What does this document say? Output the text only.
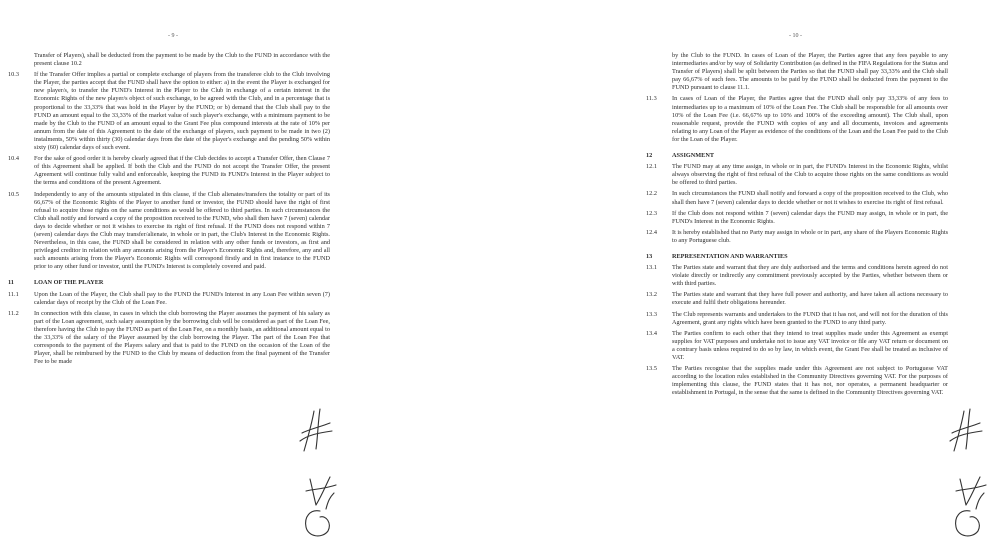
- 9 -
Transfer of Players), shall be deducted from the payment to be made by the Club to the FUND in accordance with the present clause 10.2
10.3	If the Transfer Offer implies a partial or complete exchange of players from the transferee club to the Club involving the Player, the parties accept that the FUND shall have the option to either: a) in the event the Player is exchanged for new player/s, to transfer the FUND's Interest in the Player to the Club in exchange of a certain interest in the Economic Rights of the new player/s object of such exchange, to be agreed with the Club, and in a percentage that is proportional to the 33,33% that was hold in the Player by the FUND; or b) demand that the Club shall pay to the FUND an amount equal to the 33,33% of the market value of such player's exchange, with a minimum payment to be made by the Club to the FUND of an amount equal to the Grant Fee plus compound interests at the rate of 10% per annum from the date of this Agreement to the date of the exchange of players, such payment to be made in two (2) instalments, 50% within thirty (30) calendar days from the date of the player's exchange and the pending 50% within sixty (60) calendar days of such event.
10.4	For the sake of good order it is hereby clearly agreed that if the Club decides to accept a Transfer Offer, then Clause 7 of this Agreement shall be applied. If both the Club and the FUND do not accept the Transfer Offer, the present Agreement will continue fully valid and enforceable, keeping the FUND its FUND's Interest in the Player subject to the terms and conditions of the present Agreement.
10.5	Independently to any of the amounts stipulated in this clause, if the Club alienates/transfers the totality or part of its 66,67% of the Economic Rights of the Player to another fund or investor, the FUND should have the right of first refusal to acquire those rights on the same conditions as would be offered to third parties. In such circumstances the Club shall notify and forward a copy of the proposition received to the FUND, who shall then have 7 (seven) calendar days to decide whether or not it wishes to exercise its right of first refusal. If the FUND does not respond within 7 (seven) calendar days the Club may transfer/alienate, in whole or in part, the Club's Interest in the Economic Rights. Nevertheless, in this case, the FUND shall be considered in relation with any other funds or investors, as first and privileged creditor in relation with any amounts arising from the Player's Economic Rights and, therefore, any and all such amounts arising from the Player's Economic Rights will correspond firstly and in first instance to the FUND prior to any other fund or investor, until the FUND's Interest is completely covered and paid.
11	LOAN OF THE PLAYER
11.1	Upon the Loan of the Player, the Club shall pay to the FUND the FUND's Interest in any Loan Fee within seven (7) calendar days of receipt by the Club of the Loan Fee.
11.2	In connection with this clause, in cases in which the club borrowing the Player assumes the payment of his salary as part of the Loan agreement, such salary assumption by the borrowing club will be considered as part of the Loan Fee, therefore having the Club to pay the FUND as part of the Loan Fee, on a monthly basis, an additional amount equal to the 33,33% of the salary of the Player assumed by the club borrowing the Player. The part of the Loan Fee that corresponds to the payment of the Players salary and that is paid to the FUND on the occasion of the Loan of the Player, shall be reimbursed by the FUND to the Club by means of deduction from the final payment of the Transfer Fee to be made
- 10 -
by the Club to the FUND. In cases of Loan of the Player, the Parties agree that any fees payable to any intermediaries and/or by way of Solidarity Contribution (as defined in the FIFA Regulations for the Status and Transfer of Players) shall be split between the Parties so that the FUND shall pay 33,33% and the Club shall pay 66,67% of such fees. The amounts to be paid by the FUND shall be deducted from the payment to the FUND pursuant to clause 11.1.
11.3	In cases of Loan of the Player, the Parties agree that the FUND shall only pay 33,33% of any fees to intermediaries up to a maximum of 10% of the Loan Fee. The Club shall be responsible for all amounts over 10% of the Loan Fee (i.e. 66,67% up to 10% and 100% of the exceeding amount). The Club shall, upon reasonable request, provide the FUND with copies of any and all documents, invoices and agreements relating to any Loan of the Player as evidence of the conditions of the Loan and the Loan Fee paid to the Club for the Loan of the Player.
12	ASSIGNMENT
12.1	The FUND may at any time assign, in whole or in part, the FUND's Interest in the Economic Rights, whilst always observing the right of first refusal of the Club to acquire those rights on the same conditions as would be offered to third parties.
12.2	In such circumstances the FUND shall notify and forward a copy of the proposition received to the Club, who shall then have 7 (seven) calendar days to decide whether or not it wishes to exercise its right of first refusal.
12.3	If the Club does not respond within 7 (seven) calendar days the FUND may assign, in whole or in part, the FUND's Interest in the Economic Rights.
12.4	It is hereby established that no Party may assign in whole or in part, any share of the Players Economic Rights to any Portuguese club.
13	REPRESENTATION AND WARRANTIES
13.1	The Parties state and warrant that they are duly authorised and the terms and conditions herein agreed do not violate directly or indirectly any commitment previously accepted by the Parties, whether between them or with third parties.
13.2	The Parties state and warrant that they have full power and authority, and have taken all actions necessary to execute and fulfil their obligations hereunder.
13.3	The Club represents warrants and undertakes to the FUND that it has not, and will not for the duration of this Agreement, grant any rights which have been granted to the FUND to any third party.
13.4	The Parties confirm to each other that they intend to treat supplies made under this Agreement as exempt supplies for VAT purposes and undertake not to issue any VAT invoice or file any VAT return or document on a contrary basis unless required to do so by law, in which event, the Grant Fee shall be treated as inclusive of VAT.
13.5	The Parties recognise that the supplies made under this Agreement are not subject to Portuguese VAT according to the location rules established in the Community Directives governing VAT. For the purposes of implementing this clause, the FUND states that it has not, nor operates, a permanent headquarter or establishment in Portugal, in the sense that the same is defined in the Community Directives governing VAT.
